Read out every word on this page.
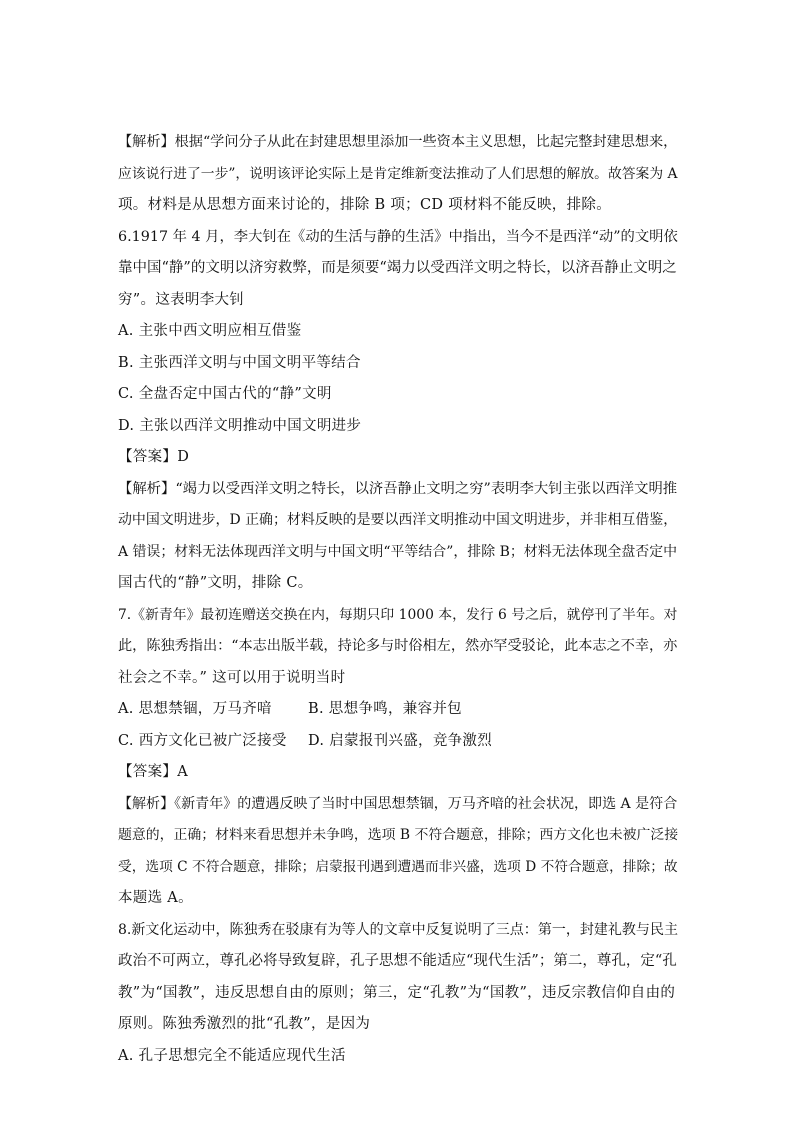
【解析】根据“学问分子从此在封建思想里添加一些资本主义思想，比起完整封建思想来，
应该说行进了一步”，说明该评论实际上是肯定维新变法推动了人们思想的解放。故答案为 A
项。材料是从思想方面来讨论的，排除 B 项；CD 项材料不能反映，排除。
6.1917 年 4 月，李大钊在《动的生活与静的生活》中指出，当今不是西洋“动”的文明依
靠中国“静”的文明以济穷救弊，而是须要“竭力以受西洋文明之特长，以济吾静止文明之
穷”。这表明李大钊
A. 主张中西文明应相互借鉴
B. 主张西洋文明与中国文明平等结合
C. 全盘否定中国古代的“静”文明
D. 主张以西洋文明推动中国文明进步
【答案】D
【解析】“竭力以受西洋文明之特长，以济吾静止文明之穷”表明李大钊主张以西洋文明推
动中国文明进步，D 正确；材料反映的是要以西洋文明推动中国文明进步，并非相互借鉴，
A 错误；材料无法体现西洋文明与中国文明“平等结合”，排除 B；材料无法体现全盘否定中
国古代的“静”文明，排除 C。
7.《新青年》最初连赠送交换在内，每期只印 1000 本，发行 6 号之后，就停刊了半年。对
此，陈独秀指出：“本志出版半载，持论多与时俗相左，然亦罕受驳论，此本志之不幸，亦
社会之不幸。” 这可以用于说明当时
A. 思想禁锢，万马齐喑	B. 思想争鸣，兼容并包
C. 西方文化已被广泛接受	D. 启蒙报刊兴盛，竞争激烈
【答案】A
【解析】《新青年》的遭遇反映了当时中国思想禁锢，万马齐喑的社会状况，即选 A 是符合
题意的，正确；材料来看思想并未争鸣，选项 B 不符合题意，排除；西方文化也未被广泛接
受，选项 C 不符合题意，排除；启蒙报刊遇到遭遇而非兴盛，选项 D 不符合题意，排除；故
本题选 A。
8.新文化运动中，陈独秀在驳康有为等人的文章中反复说明了三点：第一，封建礼教与民主
政治不可两立，尊孔必将导致复辟，孔子思想不能适应“现代生活”；第二，尊孔，定“孔
教”为“国教”，违反思想自由的原则；第三，定“孔教”为“国教”，违反宗教信仰自由的
原则。陈独秀激烈的批“孔教”，是因为
A. 孔子思想完全不能适应现代生活
